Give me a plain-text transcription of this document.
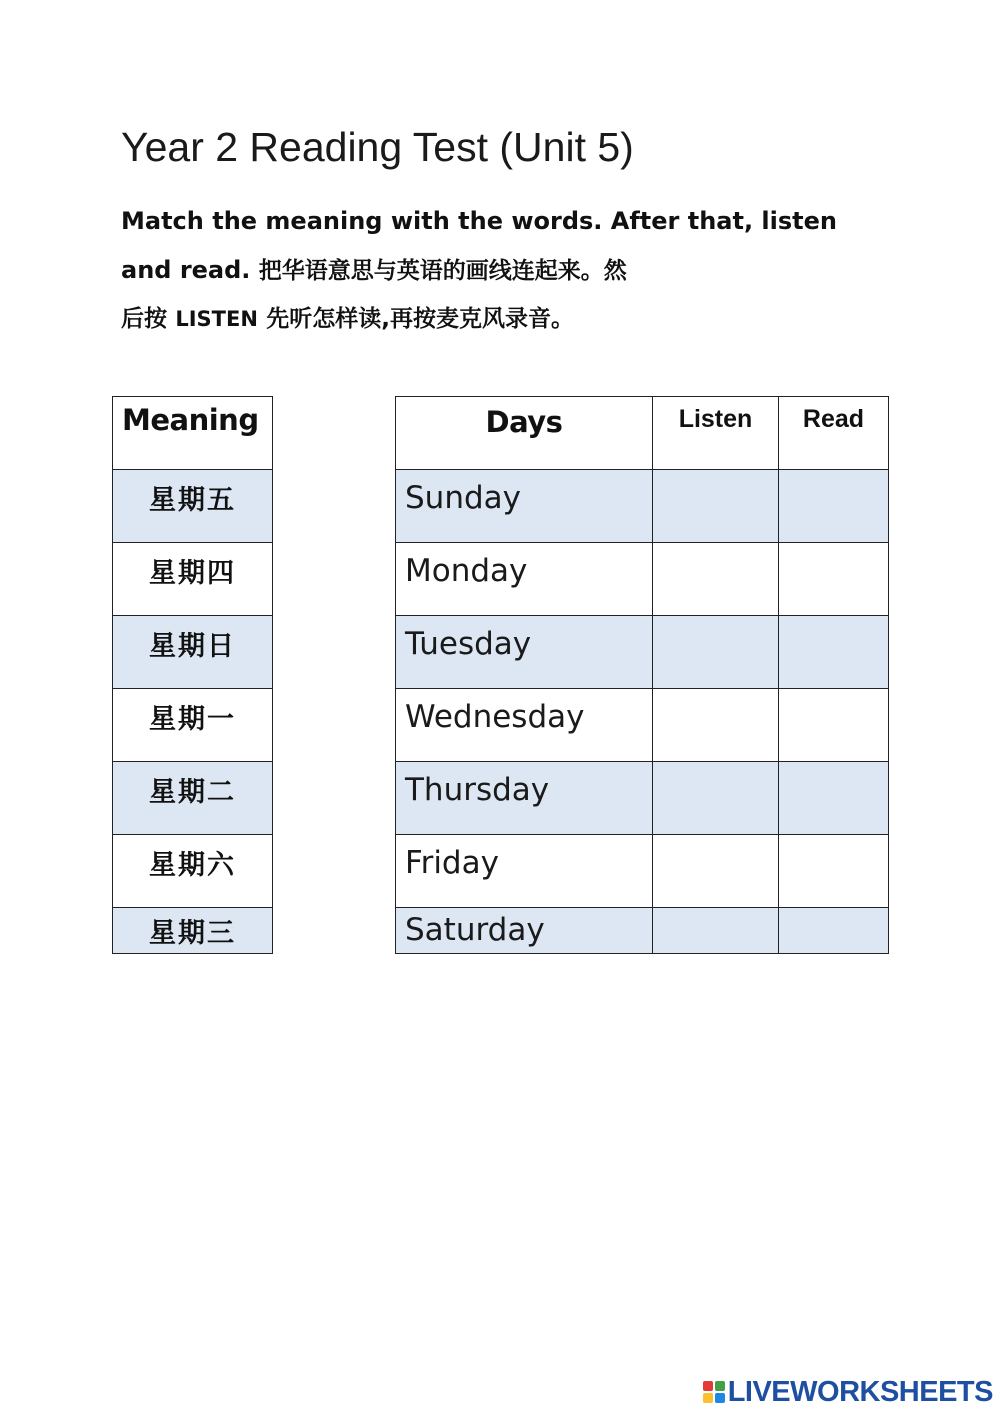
Year 2 Reading Test (Unit 5)
Match the meaning with the words. After that, listen and read. 把华语意思与英语的画线连起来。然
后按 LISTEN 先听怎样读,再按麦克风录音。
Meaning
星期五
星期四
星期日
星期一
星期二
星期六
星期三
Days	Listen	Read
Sunday		
Monday		
Tuesday		
Wednesday		
Thursday		
Friday		
Saturday		
LIVEWORKSHEETS
